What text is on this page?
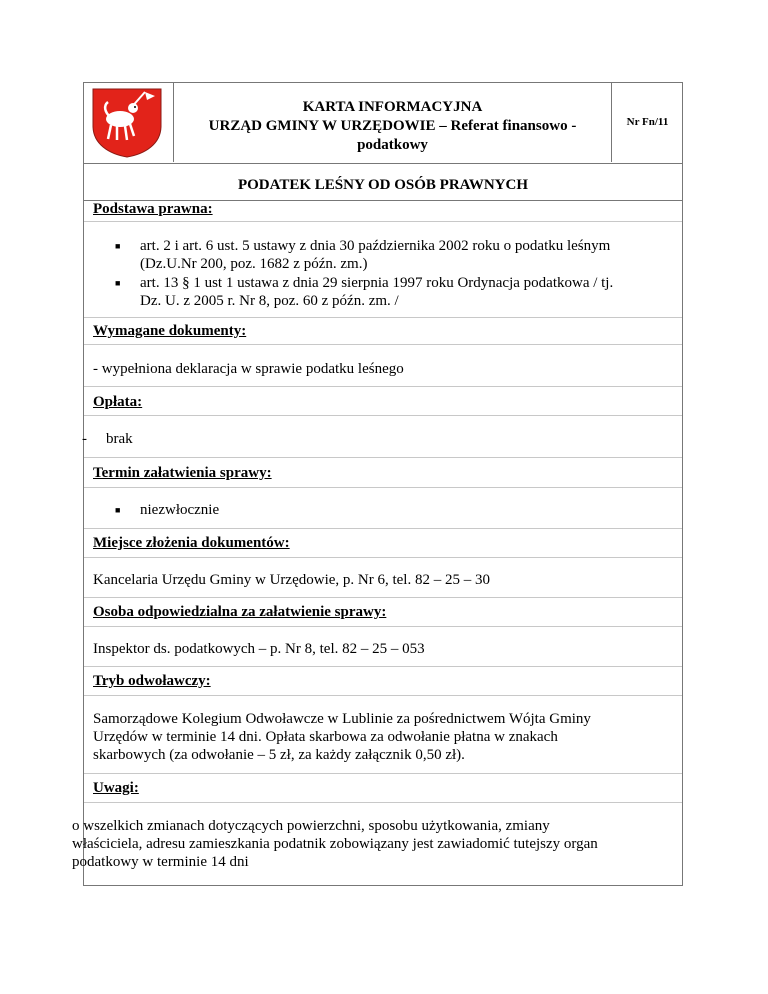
KARTA INFORMACYJNA
URZĄD GMINY W URZĘDOWIE – Referat finansowo -
podatkowy
Nr Fn/11
PODATEK LEŚNY OD OSÓB PRAWNYCH
Podstawa prawna:
■ art. 2 i art. 6 ust. 5 ustawy z dnia 30 października 2002 roku o podatku leśnym
(Dz.U.Nr 200, poz. 1682 z późn. zm.)
■ art. 13 § 1 ust 1 ustawa z dnia 29 sierpnia 1997 roku Ordynacja podatkowa / tj.
Dz. U. z 2005 r. Nr 8, poz. 60 z późn. zm. /
Wymagane dokumenty:
- wypełniona deklaracja w sprawie podatku leśnego
Opłata:
- brak
Termin załatwienia sprawy:
■ niezwłocznie
Miejsce złożenia dokumentów:
Kancelaria Urzędu Gminy w Urzędowie, p. Nr 6, tel. 82 – 25 – 30
Osoba odpowiedzialna za załatwienie sprawy:
Inspektor ds. podatkowych – p. Nr 8, tel. 82 – 25 – 053
Tryb odwoławczy:
Samorządowe Kolegium Odwoławcze w Lublinie za pośrednictwem Wójta Gminy
Urzędów w terminie 14 dni. Opłata skarbowa za odwołanie płatna w znakach
skarbowych (za odwołanie – 5 zł, za każdy załącznik 0,50 zł).
Uwagi:
o wszelkich zmianach dotyczących powierzchni, sposobu użytkowania, zmiany
właściciela, adresu zamieszkania podatnik zobowiązany jest zawiadomić tutejszy organ
podatkowy w terminie 14 dni
